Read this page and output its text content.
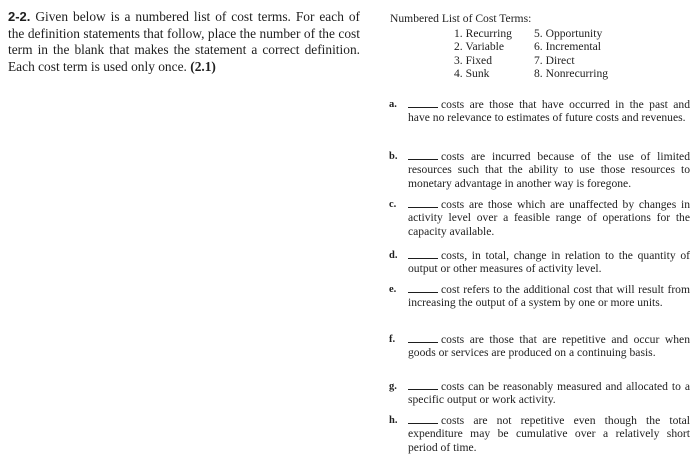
2-2. Given below is a numbered list of cost terms. For each of the definition statements that follow, place the number of the cost term in the blank that makes the statement a correct definition. Each cost term is used only once. (2.1)
Numbered List of Cost Terms:
1. Recurring	5. Opportunity
2. Variable	6. Incremental
3. Fixed	7. Direct
4. Sunk	8. Nonrecurring
a.	costs are those that have occurred in the past and have no relevance to estimates of future costs and revenues.
b.	costs are incurred because of the use of limited resources such that the ability to use those resources to monetary advantage in another way is foregone.
c.	costs are those which are unaffected by changes in activity level over a feasible range of operations for the capacity available.
d.	costs, in total, change in relation to the quantity of output or other measures of activity level.
e.	cost refers to the additional cost that will result from increasing the output of a system by one or more units.
f.	costs are those that are repetitive and occur when goods or services are produced on a continuing basis.
g.	costs can be reasonably measured and allocated to a specific output or work activity.
h.	costs are not repetitive even though the total expenditure may be cumulative over a relatively short period of time.
